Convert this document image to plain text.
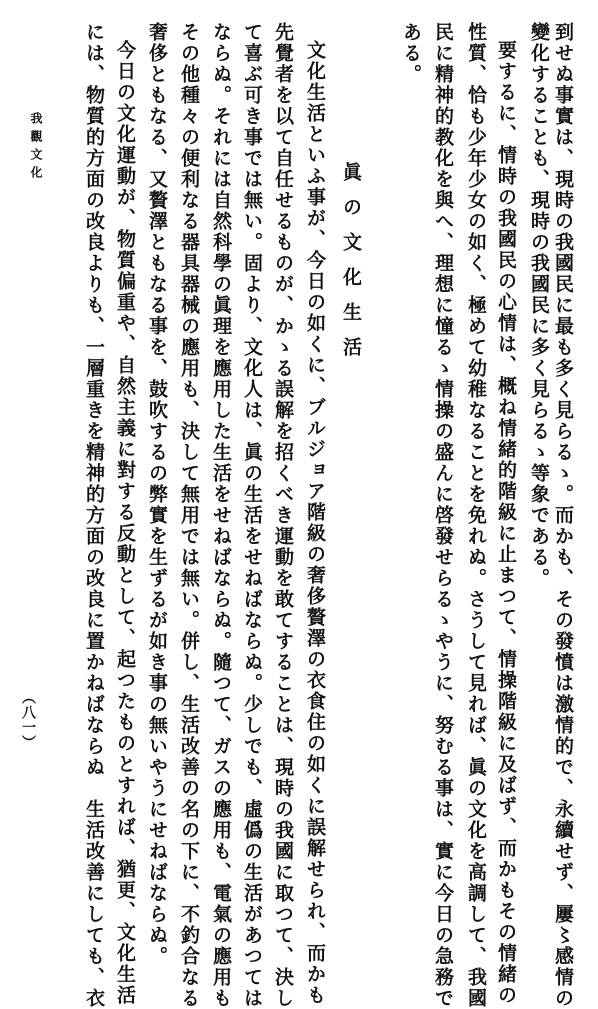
到せぬ事實は、現時の我國民に最も多く見らるゝ。而かも、その發憤は激情的で、永續せず、屢〻感情の
變化することも、現時の我國民に多く見らるゝ等象である。
要するに、情時の我國民の心情は、概ね情緒的階級に止まつて、情操階級に及ばず、而かもその情緒の
性質、恰も少年少女の如く、極めて幼稚なることを免れぬ。さうして見れば、眞の文化を高調して、我國
民に精神的教化を與へ、理想に憧るゝ情操の盛んに啓發せらるゝやうに、努むる事は、實に今日の急務で
ある。
眞の文化生活
文化生活といふ事が、今日の如くに、ブルジョア階級の奢侈贅澤の衣食住の如くに誤解せられ、而かも
先覺者を以て自任せるものが、かゝる誤解を招くべき運動を敢てすることは、現時の我國に取つて、決し
て喜ぶ可き事では無い。固より、文化人は、眞の生活をせねばならぬ。少しでも、虛僞の生活があつては
ならぬ。それには自然科學の眞理を應用した生活をせねばならぬ。隨つて、ガスの應用も、電氣の應用も
その他種々の便利なる器具器械の應用も、決して無用では無い。併し、生活改善の名の下に、不釣合なる
奢侈ともなる、又贅澤ともなる事を、鼓吹するの弊實を生ずるが如き事の無いやうにせねばならぬ。
今日の文化運動が、物質偏重や、自然主義に對する反動として、起つたものとすれば、猶更、文化生活
には、物質的方面の改良よりも、一層重きを精神的方面の改良に置かねばならぬ　生活改善にしても、衣
我觀文化
（八一）
